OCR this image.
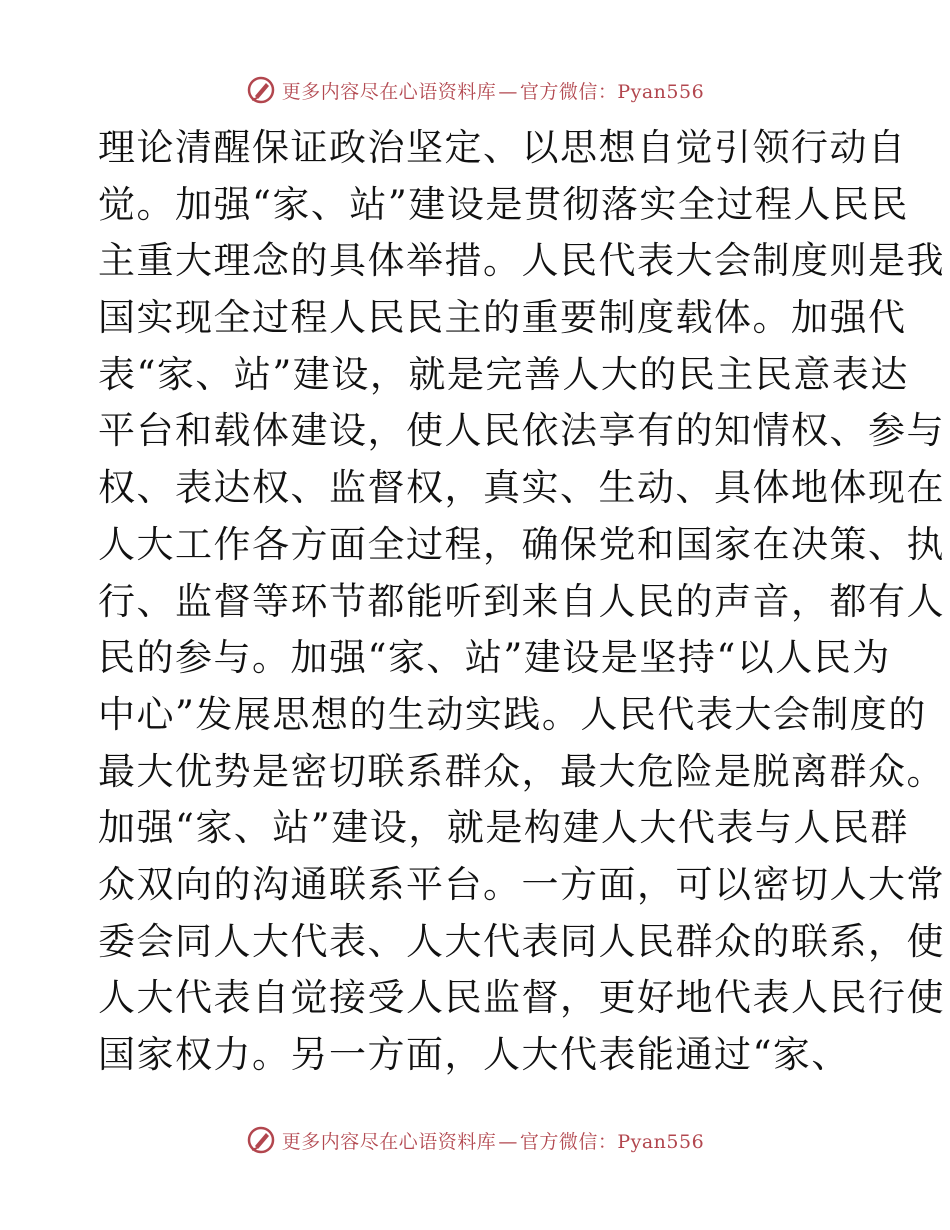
更多内容尽在心语资料库 — 官方微信：Pyan556
理论清醒保证政治坚定、以思想自觉引领行动自
觉。加强“家、站”建设是贯彻落实全过程人民民
主重大理念的具体举措。人民代表大会制度则是我
国实现全过程人民民主的重要制度载体。加强代
表“家、站”建设，就是完善人大的民主民意表达
平台和载体建设，使人民依法享有的知情权、参与
权、表达权、监督权，真实、生动、具体地体现在
人大工作各方面全过程，确保党和国家在决策、执
行、监督等环节都能听到来自人民的声音，都有人
民的参与。加强“家、站”建设是坚持“以人民为
中心”发展思想的生动实践。人民代表大会制度的
最大优势是密切联系群众，最大危险是脱离群众。
加强“家、站”建设，就是构建人大代表与人民群
众双向的沟通联系平台。一方面，可以密切人大常
委会同人大代表、人大代表同人民群众的联系，使
人大代表自觉接受人民监督，更好地代表人民行使
国家权力。另一方面，人大代表能通过“家、
更多内容尽在心语资料库 — 官方微信：Pyan556
